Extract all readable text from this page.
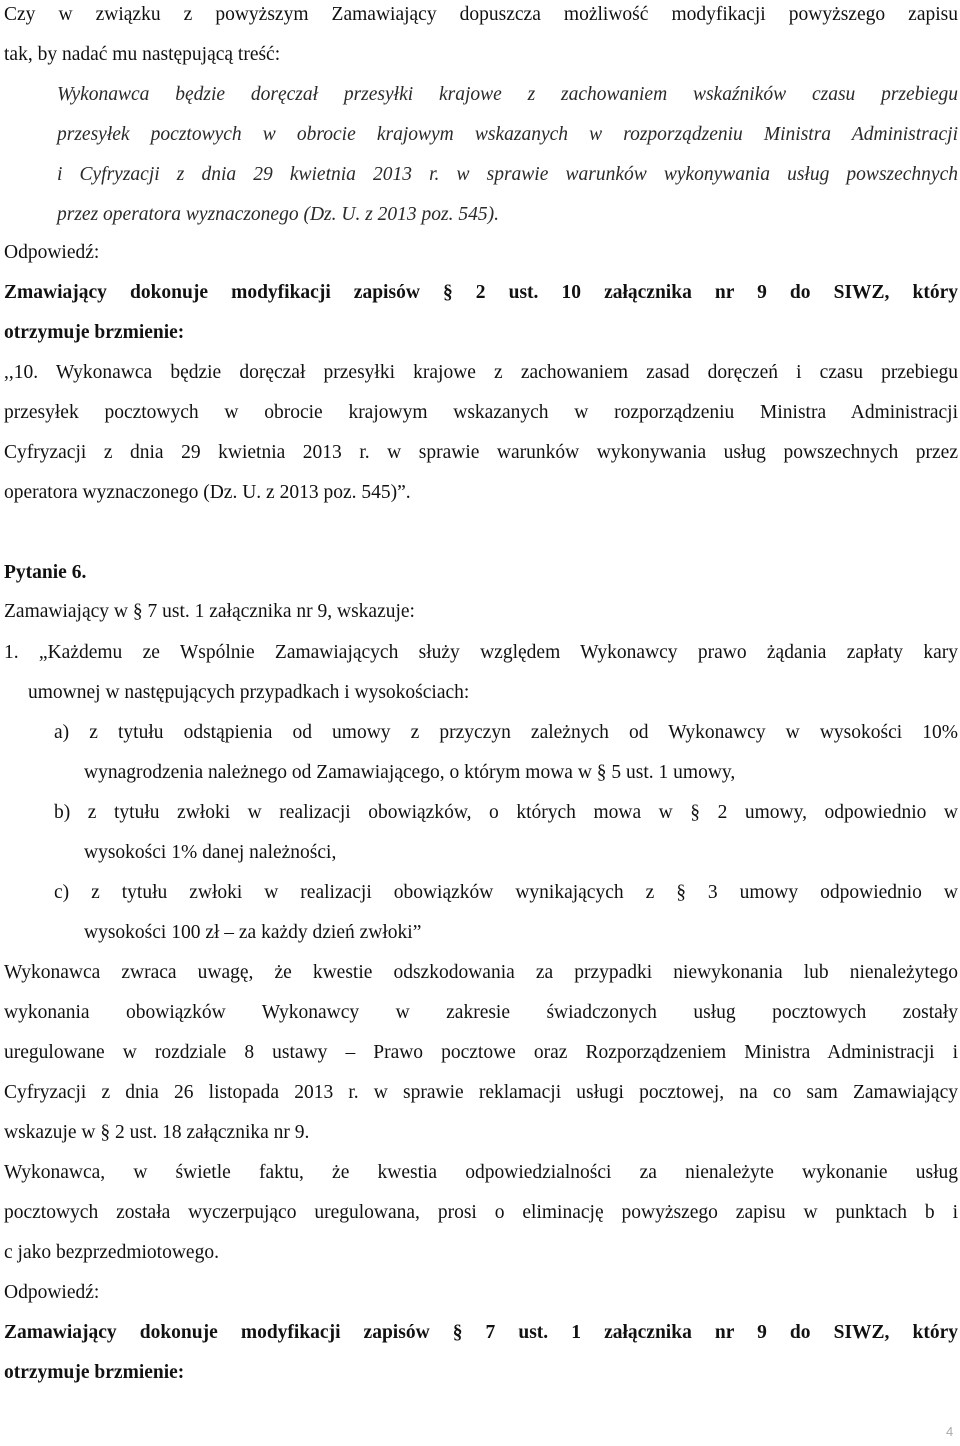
Czy w związku z powyższym Zamawiający dopuszcza możliwość modyfikacji powyższego zapisu
tak, by nadać mu następującą treść:
Wykonawca będzie doręczał przesyłki krajowe z zachowaniem wskaźników czasu przebiegu
przesyłek pocztowych w obrocie krajowym wskazanych w rozporządzeniu Ministra Administracji
i Cyfryzacji z dnia 29 kwietnia 2013 r. w sprawie warunków wykonywania usług powszechnych
przez operatora wyznaczonego (Dz. U. z 2013 poz. 545).
Odpowiedź:
Zmawiający dokonuje modyfikacji zapisów § 2 ust. 10 załącznika nr 9 do SIWZ, który
otrzymuje brzmienie:
,,10. Wykonawca będzie doręczał przesyłki krajowe z zachowaniem zasad doręczeń i czasu przebiegu
przesyłek pocztowych w obrocie krajowym wskazanych w rozporządzeniu Ministra Administracji
Cyfryzacji z dnia 29 kwietnia 2013 r. w sprawie warunków wykonywania usług powszechnych przez
operatora wyznaczonego (Dz. U. z 2013 poz. 545)”.
Pytanie 6.
Zamawiający w § 7 ust. 1 załącznika nr 9, wskazuje:
1. „Każdemu ze Wspólnie Zamawiających służy względem Wykonawcy prawo żądania zapłaty kary
umownej w następujących przypadkach i wysokościach:
a) z tytułu odstąpienia od umowy z przyczyn zależnych od Wykonawcy w wysokości 10%
wynagrodzenia należnego od Zamawiającego, o którym mowa w § 5 ust. 1 umowy,
b) z tytułu zwłoki w realizacji obowiązków, o których mowa w § 2 umowy, odpowiednio w
wysokości 1% danej należności,
c) z tytułu zwłoki w realizacji obowiązków wynikających z § 3 umowy odpowiednio w
wysokości 100 zł – za każdy dzień zwłoki”
Wykonawca zwraca uwagę, że kwestie odszkodowania za przypadki niewykonania lub nienależytego
wykonania obowiązków Wykonawcy w zakresie świadczonych usług pocztowych zostały
uregulowane w rozdziale 8 ustawy – Prawo pocztowe oraz Rozporządzeniem Ministra Administracji i
Cyfryzacji z dnia 26 listopada 2013 r. w sprawie reklamacji usługi pocztowej, na co sam Zamawiający
wskazuje w § 2 ust. 18 załącznika nr 9.
Wykonawca, w świetle faktu, że kwestia odpowiedzialności za nienależyte wykonanie usług
pocztowych została wyczerpująco uregulowana, prosi o eliminację powyższego zapisu w punktach b i
c jako bezprzedmiotowego.
Odpowiedź:
Zamawiający dokonuje modyfikacji zapisów § 7 ust. 1 załącznika nr 9 do SIWZ, który
otrzymuje brzmienie:
4
